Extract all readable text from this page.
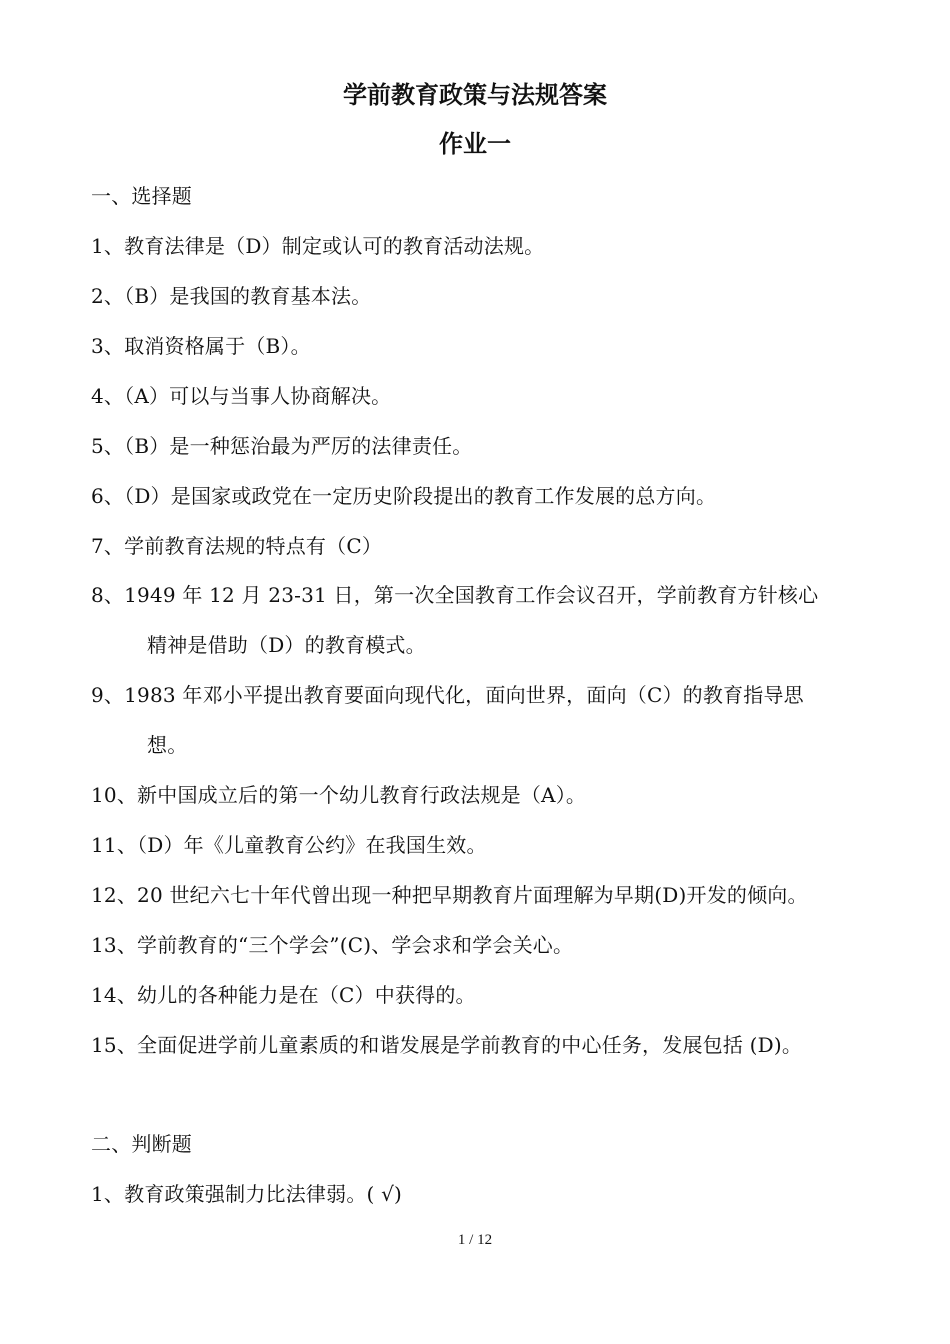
学前教育政策与法规答案
作业一
一、选择题
1、教育法律是（D）制定或认可的教育活动法规。
2、（B）是我国的教育基本法。
3、取消资格属于（B）。
4、（A）可以与当事人协商解决。
5、（B）是一种惩治最为严厉的法律责任。
6、（D）是国家或政党在一定历史阶段提出的教育工作发展的总方向。
7、学前教育法规的特点有（C）
8、1949 年 12 月 23-31 日，第一次全国教育工作会议召开，学前教育方针核心
精神是借助（D）的教育模式。
9、1983 年邓小平提出教育要面向现代化，面向世界，面向（C）的教育指导思
想。
10、新中国成立后的第一个幼儿教育行政法规是（A）。
11、（D）年《儿童教育公约》在我国生效。
12、20 世纪六七十年代曾出现一种把早期教育片面理解为早期(D)开发的倾向。
13、学前教育的“三个学会”(C)、学会求和学会关心。
14、幼儿的各种能力是在（C）中获得的。
15、全面促进学前儿童素质的和谐发展是学前教育的中心任务，发展包括 (D)。
二、判断题
1、教育政策强制力比法律弱。( √)
1 / 12
